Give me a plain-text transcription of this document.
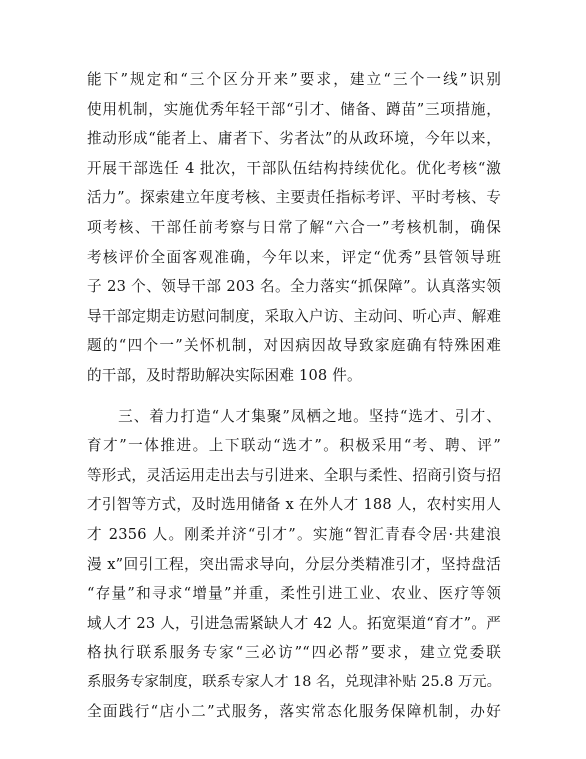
能下”规定和“三个区分开来”要求，建立“三个一线”识别
使用机制，实施优秀年轻干部“引才、储备、蹲苗”三项措施，
推动形成“能者上、庸者下、劣者汰”的从政环境，今年以来，
开展干部选任 4 批次，干部队伍结构持续优化。优化考核“激
活力”。探索建立年度考核、主要责任指标考评、平时考核、专
项考核、干部任前考察与日常了解“六合一”考核机制，确保
考核评价全面客观准确，今年以来，评定“优秀”县管领导班
子 23 个、领导干部 203 名。全力落实“抓保障”。认真落实领
导干部定期走访慰问制度，采取入户访、主动问、听心声、解难
题的“四个一”关怀机制，对因病因故导致家庭确有特殊困难
的干部，及时帮助解决实际困难 108 件。
　　三、着力打造“人才集聚”凤栖之地。坚持“选才、引才、
育才”一体推进。上下联动“选才”。积极采用“考、聘、评”
等形式，灵活运用走出去与引进来、全职与柔性、招商引资与招
才引智等方式，及时选用储备 x 在外人才 188 人，农村实用人
才 2356 人。刚柔并济“引才”。实施“智汇青春令居·共建浪
漫 x”回引工程，突出需求导向，分层分类精准引才，坚持盘活
“存量”和寻求“增量”并重，柔性引进工业、农业、医疗等领
域人才 23 人，引进急需紧缺人才 42 人。拓宽渠道“育才”。严
格执行联系服务专家“三必访”“四必帮”要求，建立党委联
系服务专家制度，联系专家人才 18 名，兑现津补贴 25.8 万元。
全面践行“店小二”式服务，落实常态化服务保障机制，办好
